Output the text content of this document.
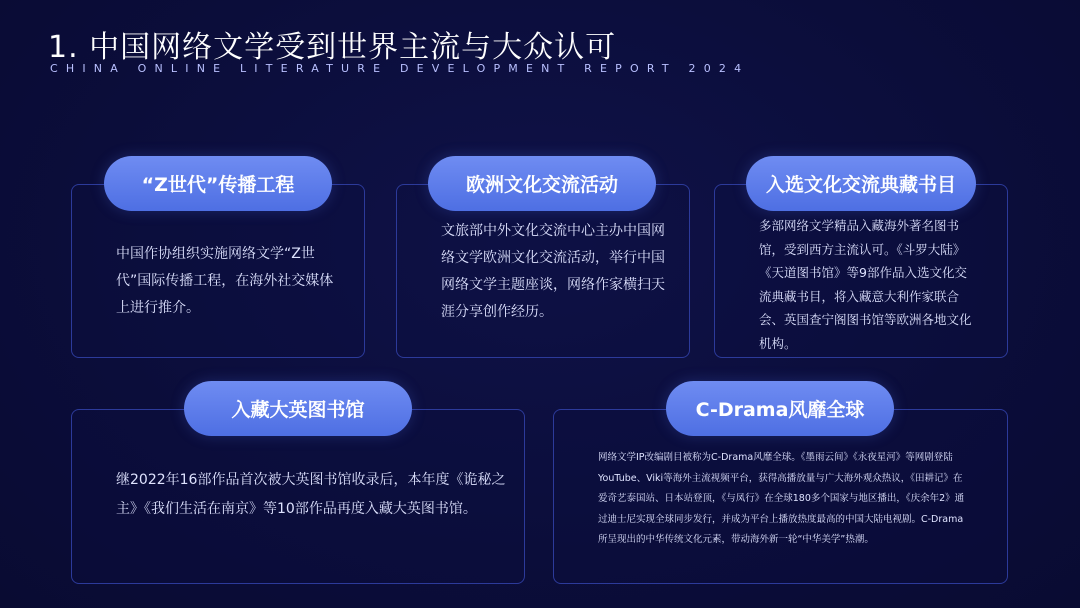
1. 中国网络文学受到世界主流与大众认可
CHINA ONLINE LITERATURE DEVELOPMENT REPORT 2024
中国作协组织实施网络文学“Z世代”国际传播工程，在海外社交媒体上进行推介。
“Z世代”传播工程
文旅部中外文化交流中心主办中国网络文学欧洲文化交流活动，举行中国网络文学主题座谈，网络作家横扫天涯分享创作经历。
欧洲文化交流活动
多部网络文学精品入藏海外著名图书馆，受到西方主流认可。《斗罗大陆》《天道图书馆》等9部作品入选文化交流典藏书目，将入藏意大利作家联合会、英国查宁阁图书馆等欧洲各地文化机构。
入选文化交流典藏书目
继2022年16部作品首次被大英图书馆收录后，本年度《诡秘之主》《我们生活在南京》等10部作品再度入藏大英图书馆。
入藏大英图书馆
网络文学IP改编剧目被称为C-Drama风靡全球。《墨雨云间》《永夜星河》等网剧登陆YouTube、Viki等海外主流视频平台，获得高播放量与广大海外观众热议，《田耕记》在爱奇艺泰国站、日本站登顶，《与凤行》在全球180多个国家与地区播出，《庆余年2》通过迪士尼实现全球同步发行，并成为平台上播放热度最高的中国大陆电视剧。C-Drama所呈现出的中华传统文化元素，带动海外新一轮“中华美学”热潮。
C-Drama风靡全球
